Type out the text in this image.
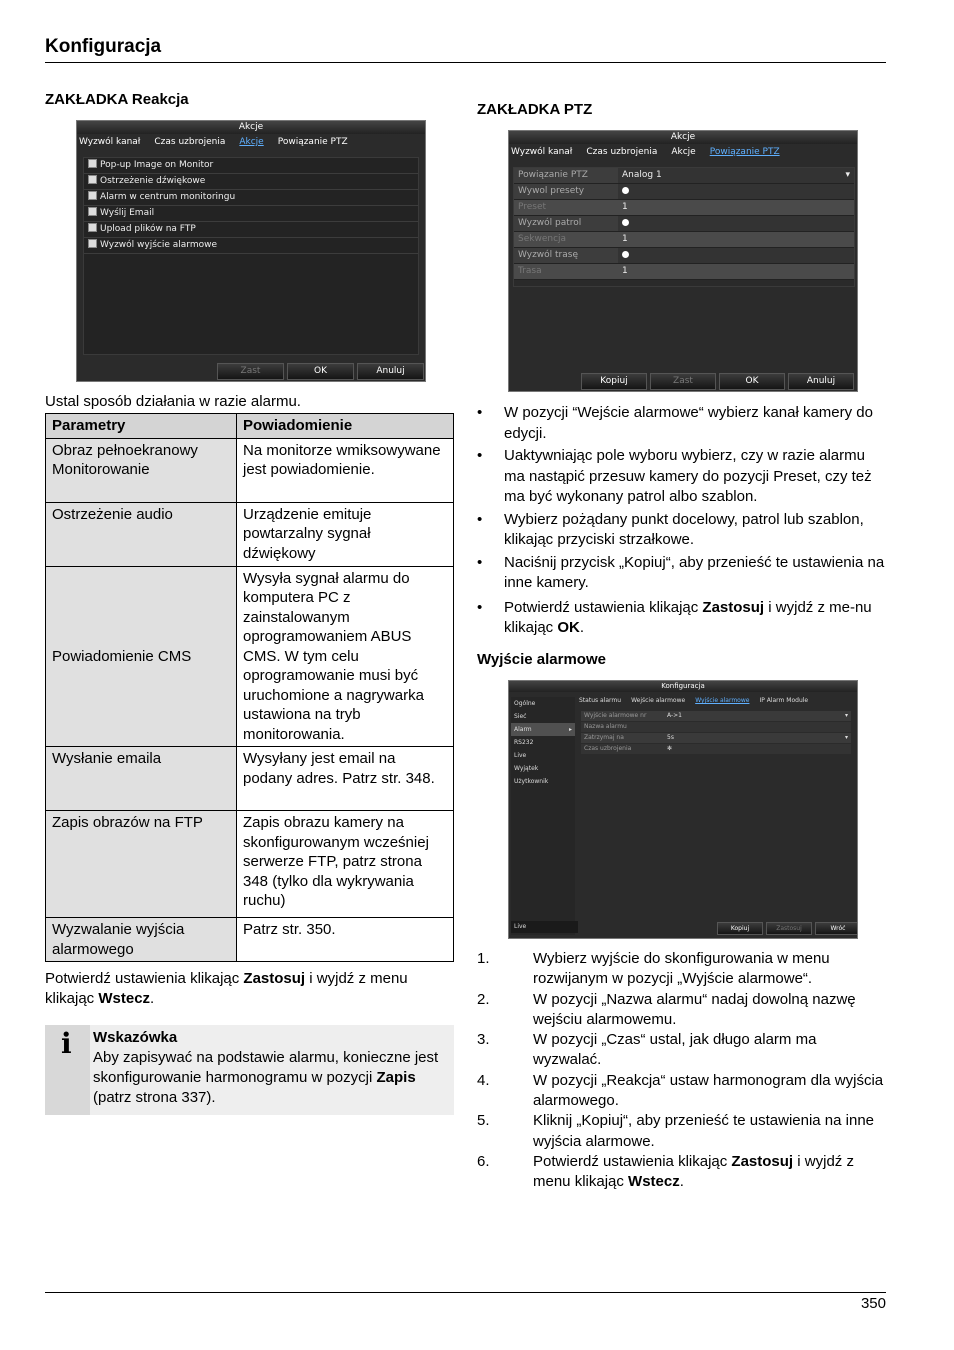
Konfiguracja
ZAKŁADKA Reakcja
Akcje
Wyzwól kanał Czas uzbrojenia Akcje Powiązanie PTZ
Pop-up Image on Monitor
Ostrzeżenie dźwiękowe
Alarm w centrum monitoringu
Wyślij Email
Upload plików na FTP
Wyzwól wyjście alarmowe
Zast	OK	Anuluj
Ustal sposób działania w razie alarmu.
Parametry	Powiadomienie
Obraz pełnoekranowy Monitorowanie	Na monitorze wmiksowywane jest powiadomienie.
Ostrzeżenie audio	Urządzenie emituje powtarzalny sygnał dźwiękowy
Powiadomienie CMS	Wysyła sygnał alarmu do komputera PC z zainstalowanym oprogramowaniem ABUS CMS. W tym celu oprogramowanie musi być uruchomione a nagrywarka ustawiona na tryb monitorowania.
Wysłanie emaila	Wysyłany jest email na podany adres. Patrz str. 348.
Zapis obrazów na FTP	Zapis obrazu kamery na skonfigurowanym wcześniej serwerze FTP, patrz strona 348 (tylko dla wykrywania ruchu)
Wyzwalanie wyjścia alarmowego	Patrz str. 350.
Potwierdź ustawienia klikając Zastosuj i wyjdź z menu klikając Wstecz.
i Wskazówka
Aby zapisywać na podstawie alarmu, konieczne jest skonfigurowanie harmonogramu w pozycji Zapis (patrz strona 337).
ZAKŁADKA PTZ
Akcje
Wyzwól kanał Czas uzbrojenia Akcje Powiązanie PTZ
Powiązanie PTZ	Analog 1	▾
Wywol presety
Preset	1
Wyzwól patrol
Sekwencja	1
Wyzwól trasę
Trasa	1
Kopiuj	Zast	OK	Anuluj
• W pozycji “Wejście alarmowe“ wybierz kanał kamery do edycji.
• Uaktywniając pole wyboru wybierz, czy w razie alarmu ma nastąpić przesuw kamery do pozycji Preset, czy też ma być wykonany patrol albo szablon.
• Wybierz pożądany punkt docelowy, patrol lub szablon, klikając przyciski strzałkowe.
• Naciśnij przycisk „Kopiuj“, aby przenieść te ustawienia na inne kamery.
• Potwierdź ustawienia klikając Zastosuj i wyjdź z me-nu klikając OK.
Wyjście alarmowe
Konfiguracja
Ogólne
Sieć
Alarm	▸
RS232
Live
Wyjątek
Użytkownik
Live
Status alarmu Wejście alarmowe Wyjście alarmowe IP Alarm Module
Wyjście alarmowe nr	A->1	▾
Nazwa alarmu
Zatrzymaj na	5s	▾
Czas uzbrojenia	✻
Kopiuj	Zastosuj	Wróć
1.	Wybierz wyjście do skonfigurowania w menu rozwijanym w pozycji „Wyjście alarmowe“.
2.	W pozycji „Nazwa alarmu“ nadaj dowolną nazwę wejściu alarmowemu.
3.	W pozycji „Czas“ ustal, jak długo alarm ma wyzwalać.
4.	W pozycji „Reakcja“ ustaw harmonogram dla wyjścia alarmowego.
5.	Kliknij „Kopiuj“, aby przenieść te ustawienia na inne wyjścia alarmowe.
6.	Potwierdź ustawienia klikając Zastosuj i wyjdź z menu klikając Wstecz.
350
